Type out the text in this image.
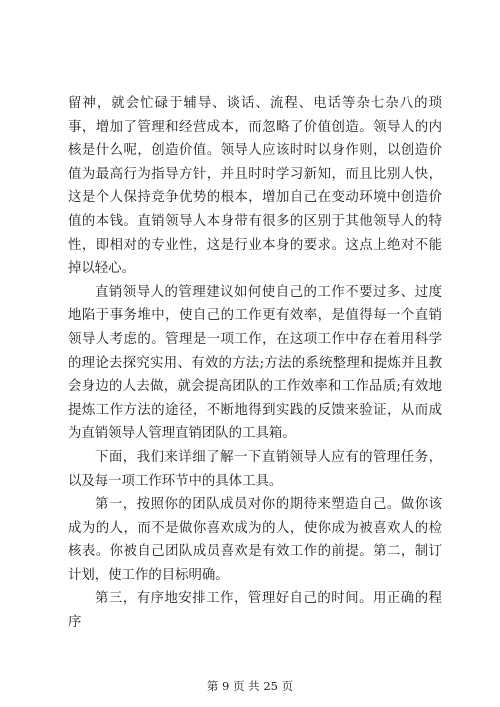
留神，就会忙碌于辅导、谈话、流程、电话等杂七杂八的琐事，增加了管理和经营成本，而忽略了价值创造。领导人的内核是什么呢，创造价值。领导人应该时时以身作则，以创造价值为最高行为指导方针，并且时时学习新知，而且比别人快，这是个人保持竞争优势的根本，增加自己在变动环境中创造价值的本钱。直销领导人本身带有很多的区别于其他领导人的特性，即相对的专业性，这是行业本身的要求。这点上绝对不能掉以轻心。

直销领导人的管理建议如何使自己的工作不要过多、过度地陷于事务堆中，使自己的工作更有效率，是值得每一个直销领导人考虑的。管理是一项工作，在这项工作中存在着用科学的理论去探究实用、有效的方法;方法的系统整理和提炼并且教会身边的人去做，就会提高团队的工作效率和工作品质;有效地提炼工作方法的途径，不断地得到实践的反馈来验证，从而成为直销领导人管理直销团队的工具箱。

下面，我们来详细了解一下直销领导人应有的管理任务，以及每一项工作环节中的具体工具。

第一，按照你的团队成员对你的期待来塑造自己。做你该成为的人，而不是做你喜欢成为的人，使你成为被喜欢人的检核表。你被自己团队成员喜欢是有效工作的前提。第二，制订计划，使工作的目标明确。

第三，有序地安排工作，管理好自己的时间。用正确的程序

第 9 页 共 25 页
